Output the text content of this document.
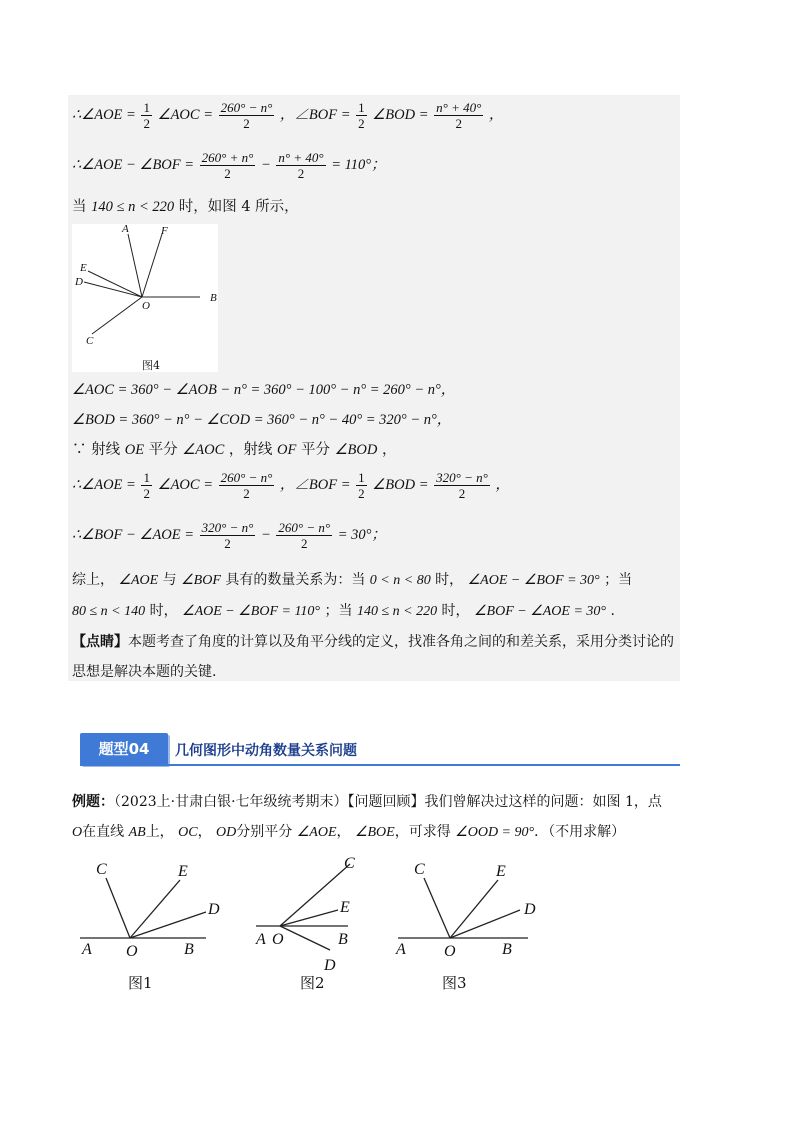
∴∠AOE = $\frac{1}{2}$ ∠AOC = $\frac{260^\circ - n^\circ}{2}$ ，∠BOF = $\frac{1}{2}$ ∠BOD = $\frac{n^\circ + 40^\circ}{2}$ ，
∴∠AOE − ∠BOF = $\frac{260^\circ + n^\circ}{2} - \frac{n^\circ + 40^\circ}{2} = 110^\circ$；
当 140 ≤ n < 220 时，如图 4 所示，
A	F
E
D
O
B
C
图4
∠AOC = 360° − ∠AOB − n° = 360° − 100° − n° = 260° − n°，
∠BOD = 360° − n° − ∠COD = 360° − n° − 40° = 320° − n°，
∵ 射线 OE 平分 ∠AOC ，射线 OF 平分 ∠BOD ，
∴∠AOE = $\frac{1}{2}$ ∠AOC = $\frac{260^\circ - n^\circ}{2}$ ，∠BOF = $\frac{1}{2}$ ∠BOD = $\frac{320^\circ - n^\circ}{2}$ ，
∴∠BOF − ∠AOE = $\frac{320^\circ - n^\circ}{2} - \frac{260^\circ - n^\circ}{2} = 30^\circ$；
综上， ∠AOE 与 ∠BOF 具有的数量关系为：当 0 < n < 80 时， ∠AOE − ∠BOF = 30° ；当
80 ≤ n < 140 时， ∠AOE − ∠BOF = 110° ；当 140 ≤ n < 220 时， ∠BOF − ∠AOE = 30° .
【点睛】本题考查了角度的计算以及角平分线的定义，找准各角之间的和差关系，采用分类讨论的
思想是解决本题的关键.
题型04	几何图形中动角数量关系问题
例题：（2023上·甘肃白银·七年级统考期末）【问题回顾】我们曾解决过这样的问题：如图 1，点
O在直线 AB上， OC， OD分别平分 ∠AOE， ∠BOE，可求得 ∠OOD = 90°．（不用求解）
A O	B
C	E
D
A O	B
C
E
D
A O	B
C	E
D
图1	图2	图3
